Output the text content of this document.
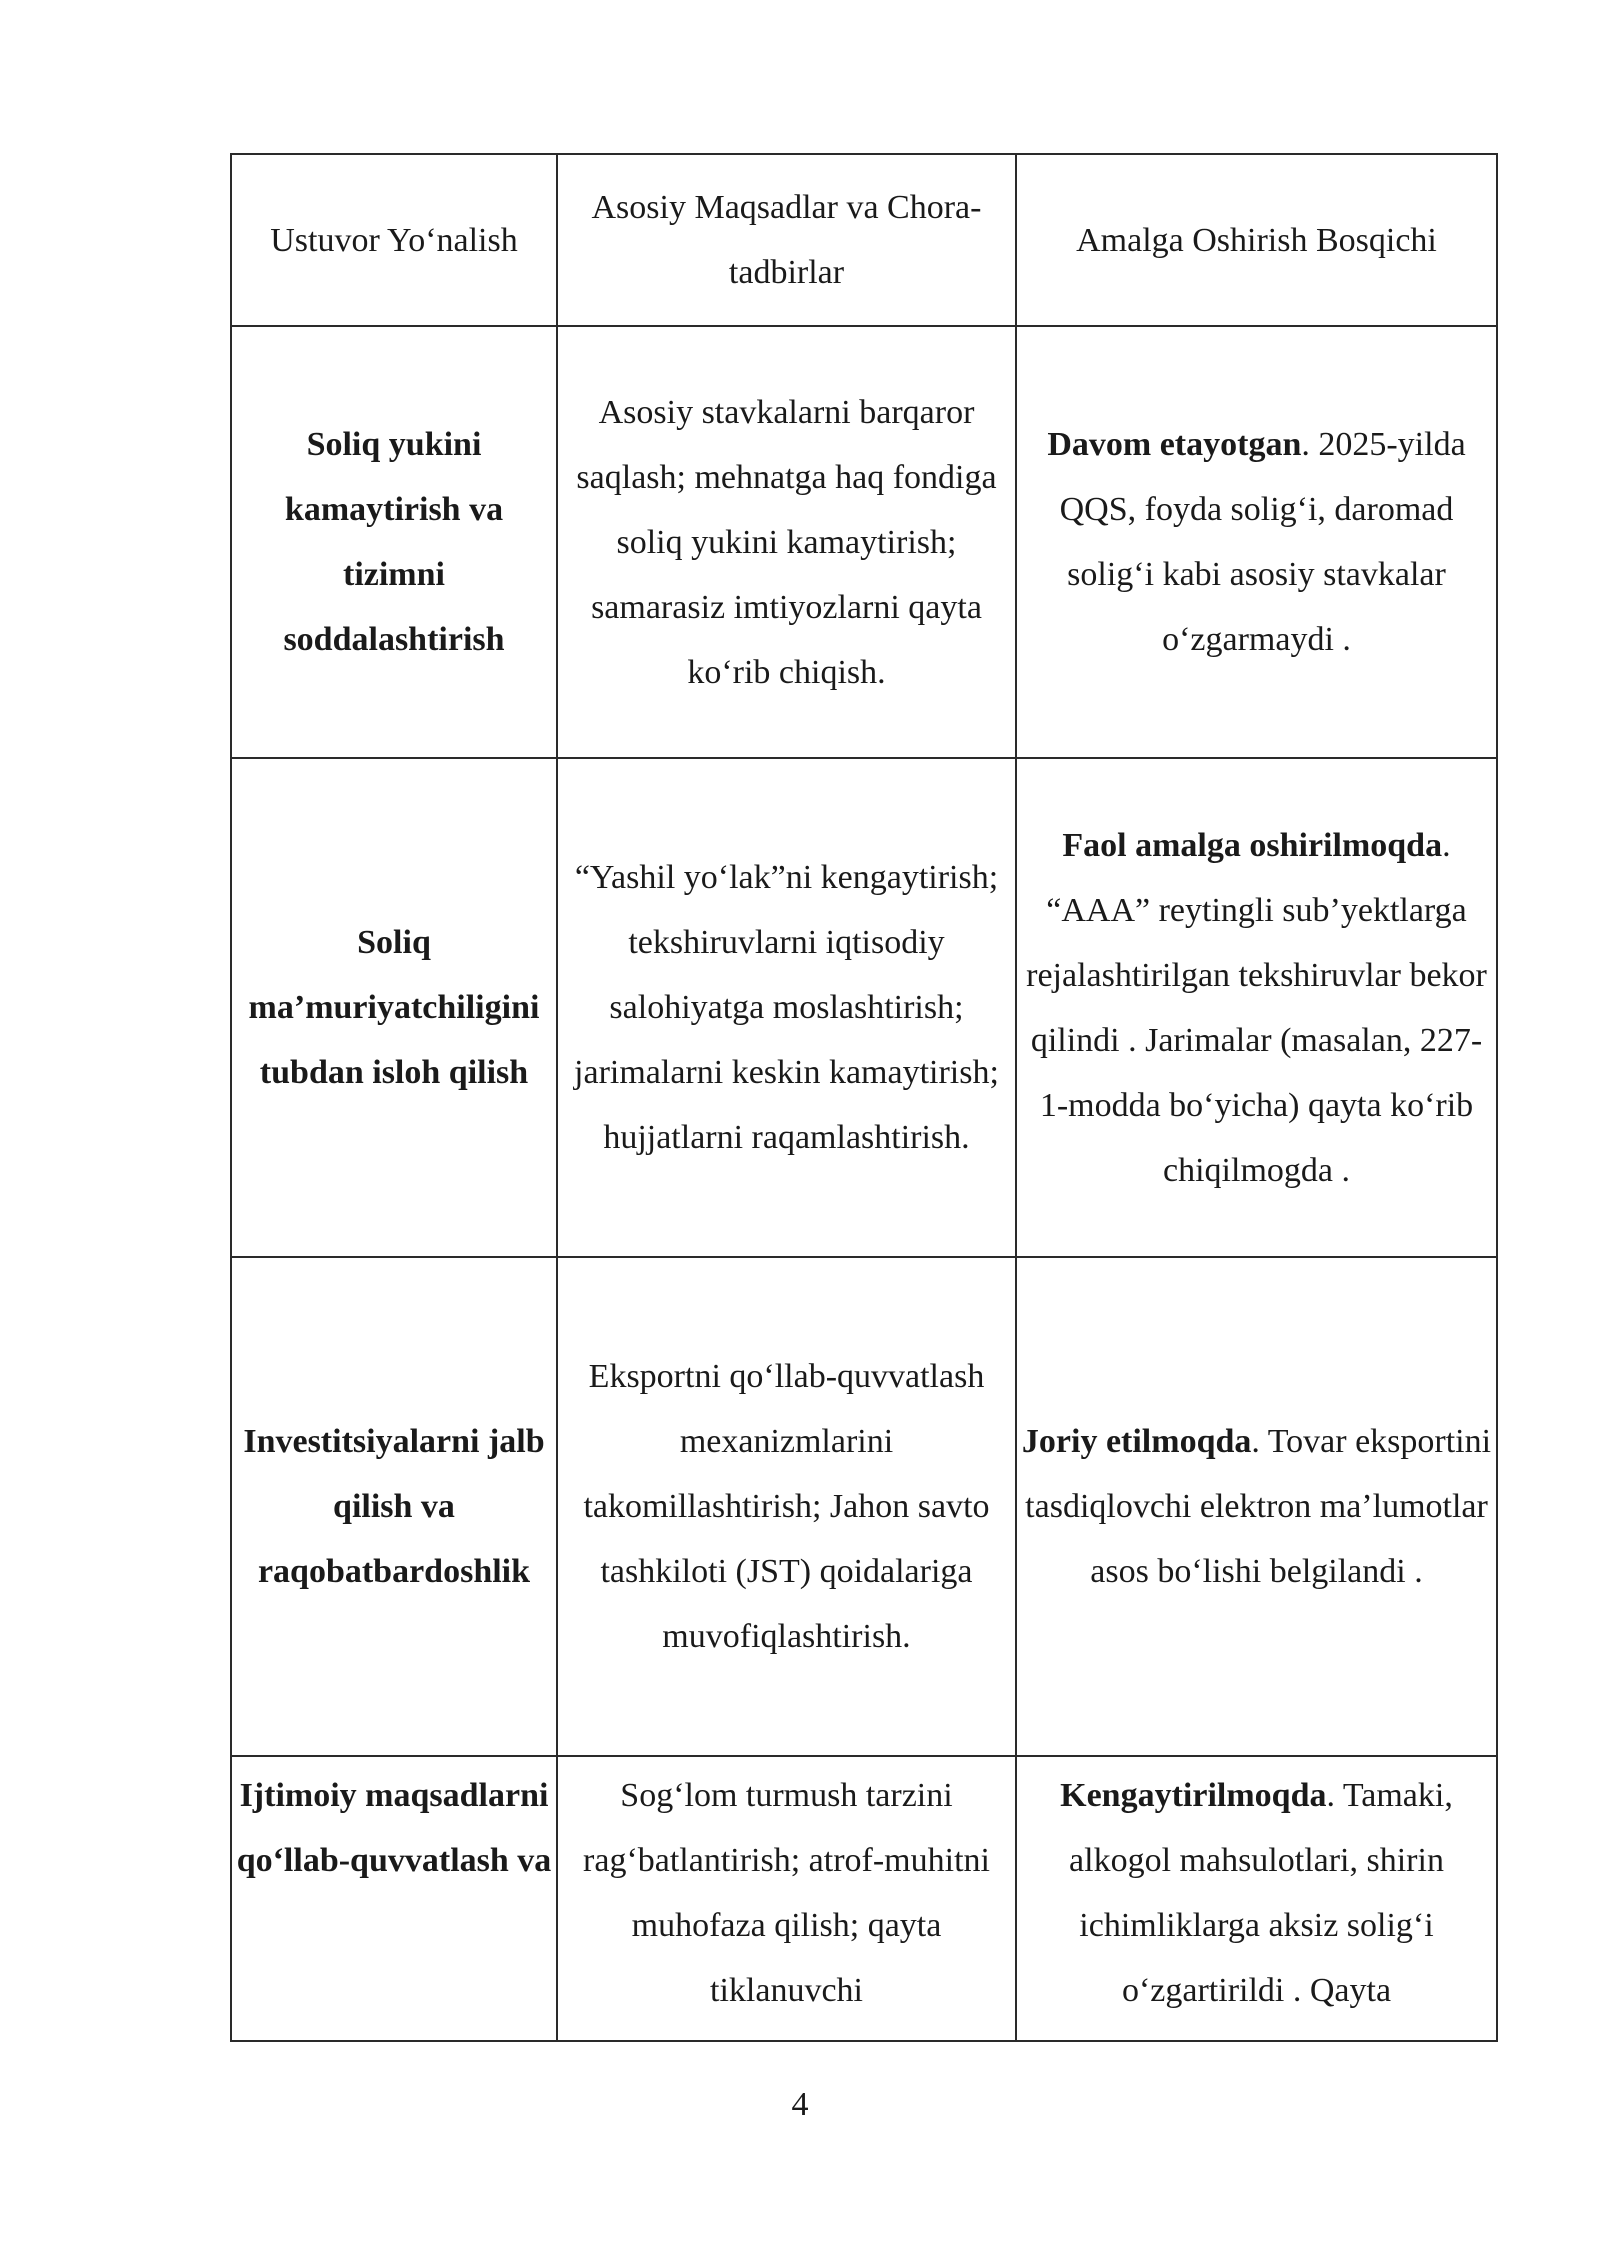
Ustuvor Yo‘nalish	Asosiy Maqsadlar va Chora-tadbirlar	Amalga Oshirish Bosqichi
Soliq yukini kamaytirish va tizimni soddalashtirish	Asosiy stavkalarni barqaror saqlash; mehnatga haq fondiga soliq yukini kamaytirish; samarasiz imtiyozlarni qayta ko‘rib chiqish.	Davom etayotgan. 2025-yilda QQS, foyda solig‘i, daromad solig‘i kabi asosiy stavkalar o‘zgarmaydi .
Soliq ma’muriyatchiligini tubdan isloh qilish	“Yashil yo‘lak”ni kengaytirish; tekshiruvlarni iqtisodiy salohiyatga moslashtirish; jarimalarni keskin kamaytirish; hujjatlarni raqamlashtirish.	Faol amalga oshirilmoqda. “AAA” reytingli sub’yektlarga rejalashtirilgan tekshiruvlar bekor qilindi . Jarimalar (masalan, 227-1-modda bo‘yicha) qayta ko‘rib chiqilmogda .
Investitsiyalarni jalb qilish va raqobatbardoshlik	Eksportni qo‘llab-quvvatlash mexanizmlarini takomillashtirish; Jahon savto tashkiloti (JST) qoidalariga muvofiqlashtirish.	Joriy etilmoqda. Tovar eksportini tasdiqlovchi elektron ma’lumotlar asos bo‘lishi belgilandi .
Ijtimoiy maqsadlarni qo‘llab-quvvatlash va	Sog‘lom turmush tarzini rag‘batlantirish; atrof-muhitni muhofaza qilish; qayta tiklanuvchi	Kengaytirilmoqda. Tamaki, alkogol mahsulotlari, shirin ichimliklarga aksiz solig‘i o‘zgartirildi . Qayta
4
